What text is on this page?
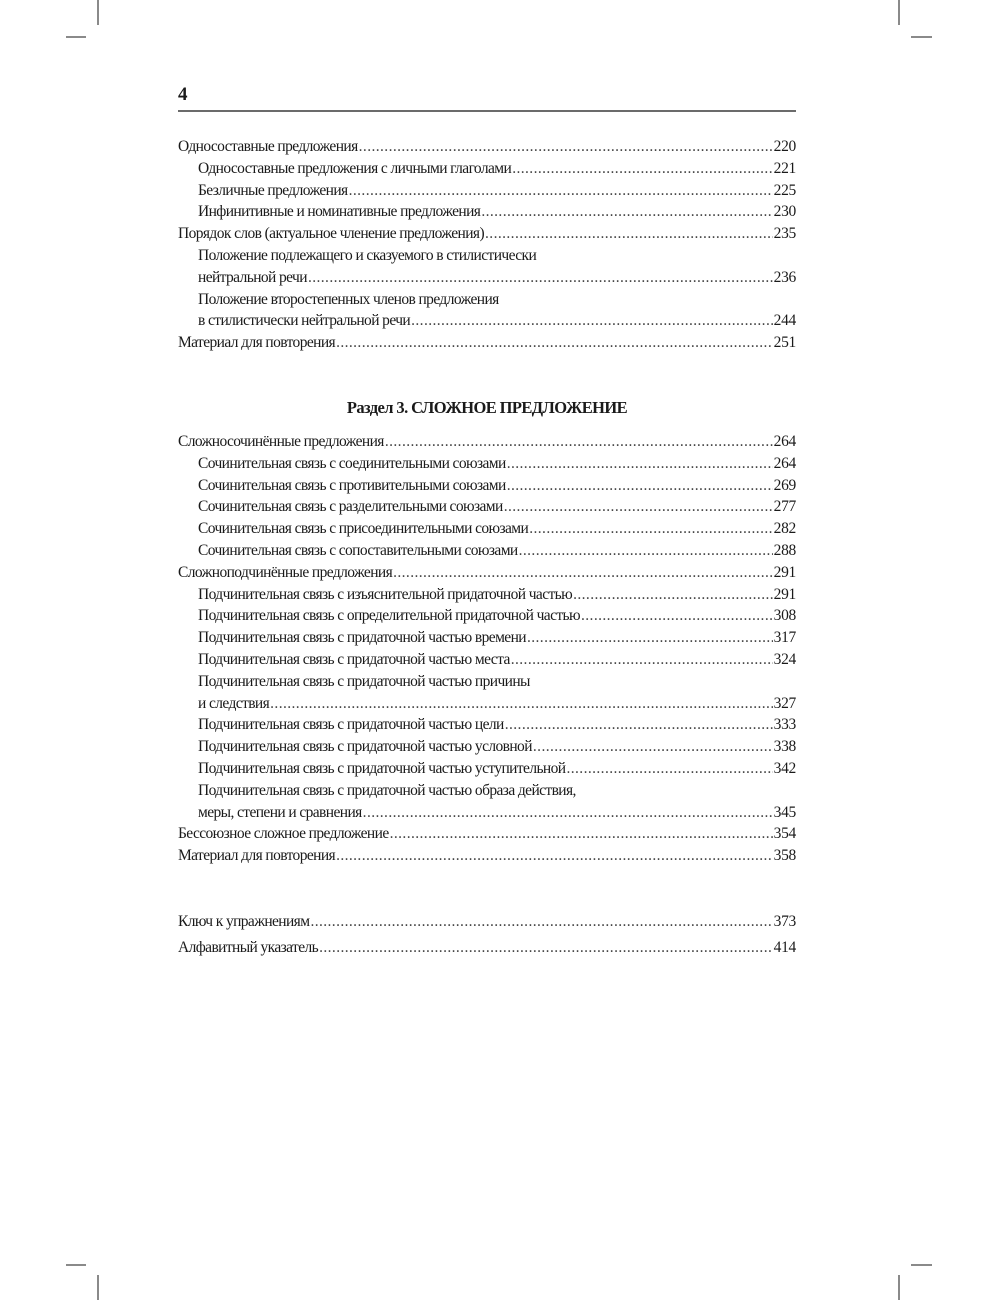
4
Односоставные предложения .....	220
Односоставные предложения с личными глаголами .....	221
Безличные предложения .....	225
Инфинитивные и номинативные предложения .....	230
Порядок слов (актуальное членение предложения) .....	235
Положение подлежащего и сказуемого в стилистически
нейтральной речи .....	236
Положение второстепенных членов предложения
в стилистически нейтральной речи .....	244
Материал для повторения .....	251
Раздел 3. СЛОЖНОЕ ПРЕДЛОЖЕНИЕ
Сложносочинённые предложения .....	264
Сочинительная связь с соединительными союзами .....	264
Сочинительная связь с противительными союзами .....	269
Сочинительная связь с разделительными союзами .....	277
Сочинительная связь с присоединительными союзами .....	282
Сочинительная связь с сопоставительными союзами .....	288
Сложноподчинённые предложения .....	291
Подчинительная связь с изъяснительной придаточной частью .....	291
Подчинительная связь с определительной придаточной частью .....	308
Подчинительная связь с придаточной частью времени .....	317
Подчинительная связь с придаточной частью места .....	324
Подчинительная связь с придаточной частью причины
и следствия .....	327
Подчинительная связь с придаточной частью цели .....	333
Подчинительная связь с придаточной частью условной .....	338
Подчинительная связь с придаточной частью уступительной .....	342
Подчинительная связь с придаточной частью образа действия,
меры, степени и сравнения .....	345
Бессоюзное сложное предложение .....	354
Материал для повторения .....	358
Ключ к упражнениям .....	373
Алфавитный указатель .....	414
